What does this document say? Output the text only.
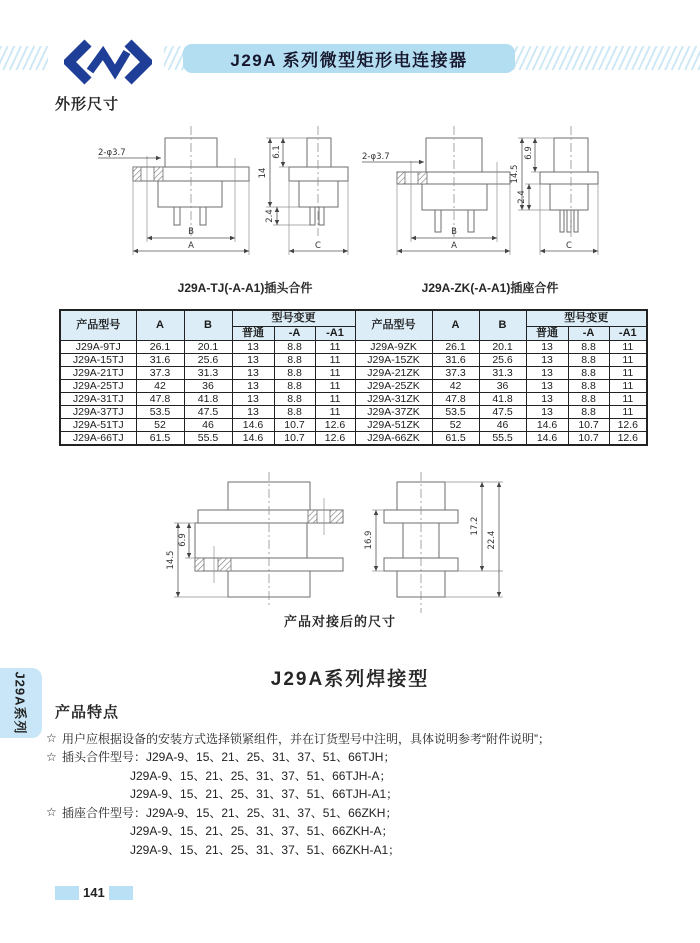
J29A 系列微型矩形电连接器
外形尺寸
2-φ3.7
B
A
14
6.1
2.4
C
2-φ3.7
B
A
14.5
6.9
2.4
C
J29A-TJ(-A-A1)插头合件	J29A-ZK(-A-A1)插座合件
产品型号	A	B	型号变更			产品型号	A	B	型号变更		
			普通	-A	-A1				普通	-A	-A1
J29A-9TJ	26.1	20.1	13	8.8	11	J29A-9ZK	26.1	20.1	13	8.8	11
J29A-15TJ	31.6	25.6	13	8.8	11	J29A-15ZK	31.6	25.6	13	8.8	11
J29A-21TJ	37.3	31.3	13	8.8	11	J29A-21ZK	37.3	31.3	13	8.8	11
J29A-25TJ	42	36	13	8.8	11	J29A-25ZK	42	36	13	8.8	11
J29A-31TJ	47.8	41.8	13	8.8	11	J29A-31ZK	47.8	41.8	13	8.8	11
J29A-37TJ	53.5	47.5	13	8.8	11	J29A-37ZK	53.5	47.5	13	8.8	11
J29A-51TJ	52	46	14.6	10.7	12.6	J29A-51ZK	52	46	14.6	10.7	12.6
J29A-66TJ	61.5	55.5	14.6	10.7	12.6	J29A-66ZK	61.5	55.5	14.6	10.7	12.6
14.5
6.9	16.9
17.2
22.4
产品对接后的尺寸
J29A系列焊接型
产品特点
☆ 用户应根据设备的安装方式选择锁紧组件，并在订货型号中注明，具体说明参考“附件说明”；
☆ 插头合件型号：J29A-9、15、21、25、31、37、51、66TJH；
J29A-9、15、21、25、31、37、51、66TJH-A；
J29A-9、15、21、25、31、37、51、66TJH-A1；
☆ 插座合件型号：J29A-9、15、21、25、31、37、51、66ZKH；
J29A-9、15、21、25、31、37、51、66ZKH-A；
J29A-9、15、21、25、31、37、51、66ZKH-A1；
J29A系列
141
